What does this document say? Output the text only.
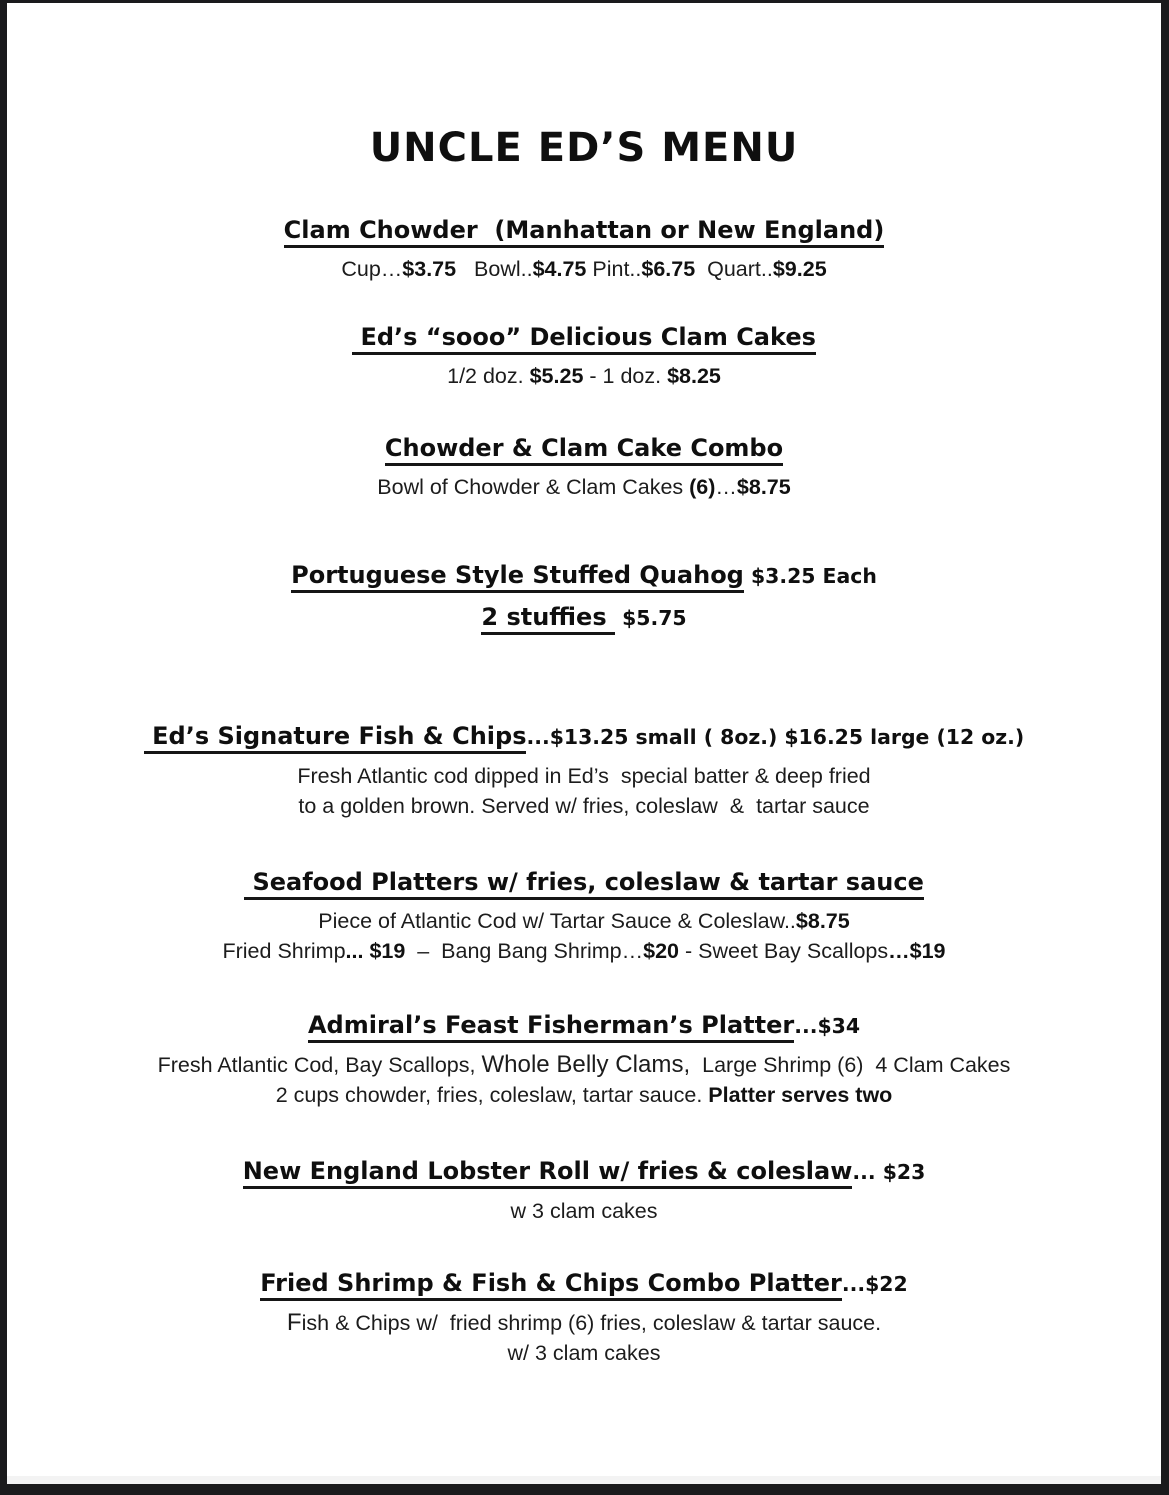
UNCLE ED’S MENU
Clam Chowder  (Manhattan or New England)

Cup…$3.75   Bowl..$4.75 Pint..$6.75  Quart..$9.25

Ed’s “sooo” Delicious Clam Cakes

1/2 doz. $5.25 - 1 doz. $8.25

Chowder & Clam Cake Combo

Bowl of Chowder & Clam Cakes (6)…$8.75

Portuguese Style Stuffed Quahog $3.25 Each
2 stuffies  $5.75
Ed’s Signature Fish & Chips...$13.25 small ( 8oz.) $16.25 large (12 oz.)

Fresh Atlantic cod dipped in Ed’s  special batter & deep fried

to a golden brown. Served w/ fries, coleslaw  &  tartar sauce

Seafood Platters w/ fries, coleslaw & tartar sauce

Piece of Atlantic Cod w/ Tartar Sauce & Coleslaw..$8.75

Fried Shrimp... $19  –  Bang Bang Shrimp…$20 - Sweet Bay Scallops…$19

Admiral’s Feast Fisherman’s Platter...$34

Fresh Atlantic Cod, Bay Scallops, Whole Belly Clams,  Large Shrimp (6)  4 Clam Cakes

2 cups chowder, fries, coleslaw, tartar sauce. Platter serves two

New England Lobster Roll w/ fries & coleslaw... $23

w 3 clam cakes

Fried Shrimp & Fish & Chips Combo Platter...$22

Fish & Chips w/  fried shrimp (6) fries, coleslaw & tartar sauce.

w/ 3 clam cakes
